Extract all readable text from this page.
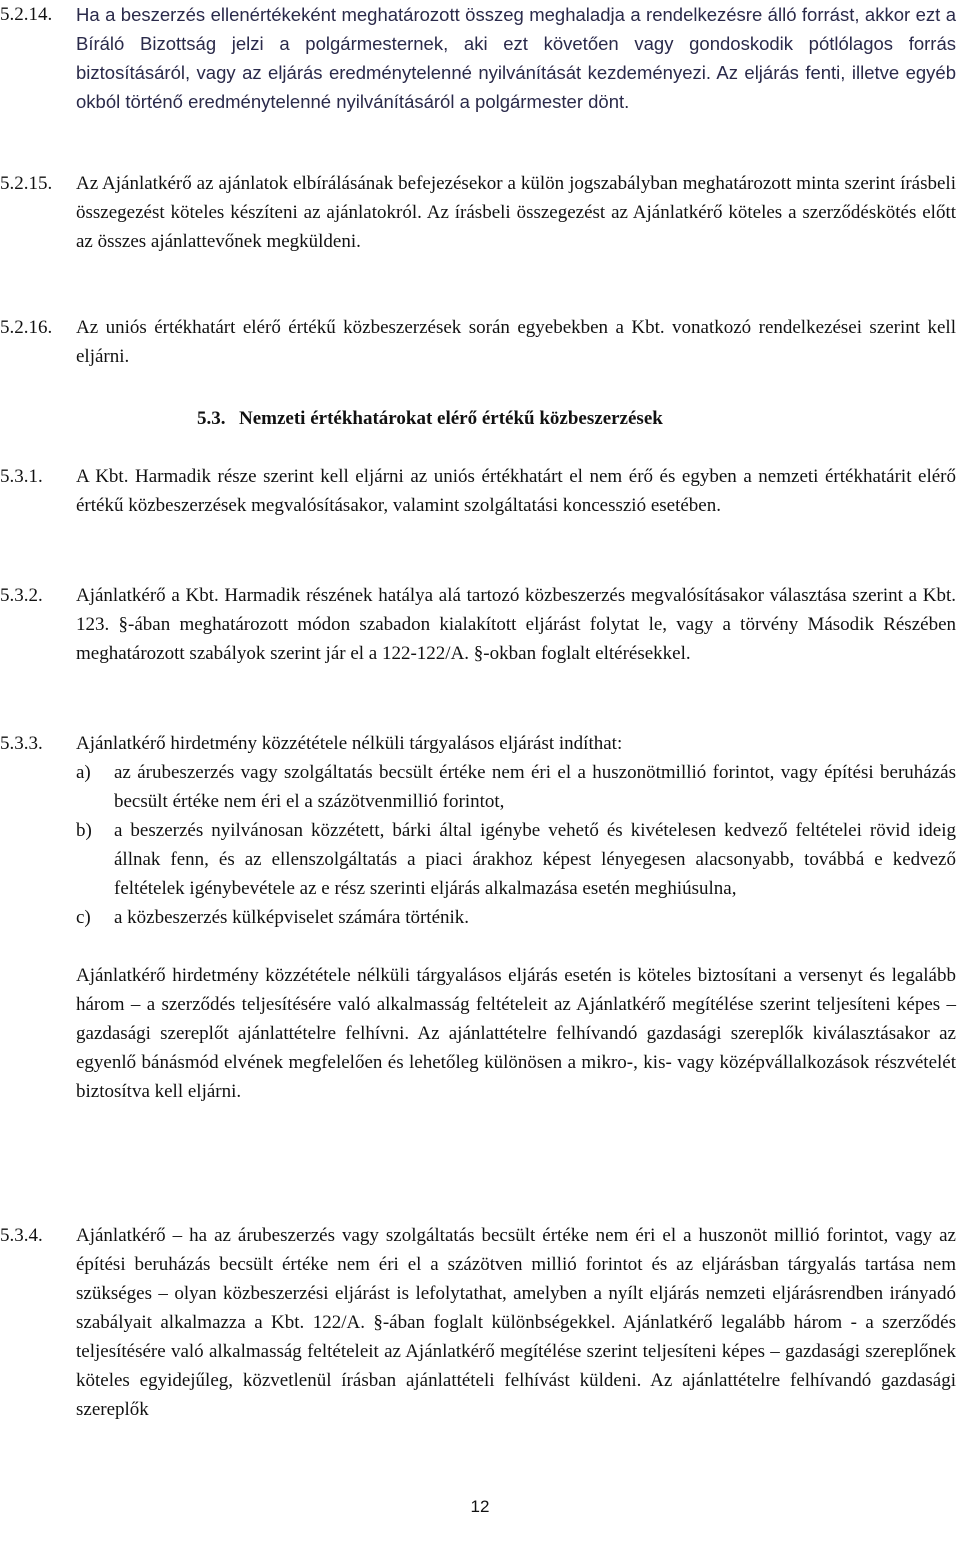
5.2.14.	Ha a beszerzés ellenértékeként meghatározott összeg meghaladja a rendelkezésre álló forrást, akkor ezt a Bíráló Bizottság jelzi a polgármesternek, aki ezt követően vagy gondoskodik pótlólagos forrás biztosításáról, vagy az eljárás eredménytelenné nyilvánítását kezdeményezi. Az eljárás fenti, illetve egyéb okból történő eredménytelenné nyilvánításáról a polgármester dönt.
5.2.15.	Az Ajánlatkérő az ajánlatok elbírálásának befejezésekor a külön jogszabályban meghatározott minta szerint írásbeli összegezést köteles készíteni az ajánlatokról. Az írásbeli összegezést az Ajánlatkérő köteles a szerződéskötés előtt az összes ajánlattevőnek megküldeni.
5.2.16.	Az uniós értékhatárt elérő értékű közbeszerzések során egyebekben a Kbt. vonatkozó rendelkezései szerint kell eljárni.
5.3. Nemzeti értékhatárokat elérő értékű közbeszerzések
5.3.1.	A Kbt. Harmadik része szerint kell eljárni az uniós értékhatárt el nem érő és egyben a nemzeti értékhatárit elérő értékű közbeszerzések megvalósításakor, valamint szolgáltatási koncesszió esetében.
5.3.2.	Ajánlatkérő a Kbt. Harmadik részének hatálya alá tartozó közbeszerzés megvalósításakor választása szerint a Kbt. 123. §-ában meghatározott módon szabadon kialakított eljárást folytat le, vagy a törvény Második Részében meghatározott szabályok szerint jár el a 122-122/A. §-okban foglalt eltérésekkel.
5.3.3.	Ajánlatkérő hirdetmény közzététele nélküli tárgyalásos eljárást indíthat:
a) az árubeszerzés vagy szolgáltatás becsült értéke nem éri el a huszonötmillió forintot, vagy építési beruházás becsült értéke nem éri el a százötvenmillió forintot,
b) a beszerzés nyilvánosan közzétett, bárki által igénybe vehető és kivételesen kedvező feltételei rövid ideig állnak fenn, és az ellenszolgáltatás a piaci árakhoz képest lényegesen alacsonyabb, továbbá e kedvező feltételek igénybevétele az e rész szerinti eljárás alkalmazása esetén meghiúsulna,
c) a közbeszerzés külképviselet számára történik.
Ajánlatkérő hirdetmény közzététele nélküli tárgyalásos eljárás esetén is köteles biztosítani a versenyt és legalább három – a szerződés teljesítésére való alkalmasság feltételeit az Ajánlatkérő megítélése szerint teljesíteni képes – gazdasági szereplőt ajánlattételre felhívni. Az ajánlattételre felhívandó gazdasági szereplők kiválasztásakor az egyenlő bánásmód elvének megfelelően és lehetőleg különösen a mikro-, kis- vagy középvállalkozások részvételét biztosítva kell eljárni.
5.3.4.	Ajánlatkérő – ha az árubeszerzés vagy szolgáltatás becsült értéke nem éri el a huszonöt millió forintot, vagy az építési beruházás becsült értéke nem éri el a százötven millió forintot és az eljárásban tárgyalás tartása nem szükséges – olyan közbeszerzési eljárást is lefolytathat, amelyben a nyílt eljárás nemzeti eljárásrendben irányadó szabályait alkalmazza a Kbt. 122/A. §-ában foglalt különbségekkel. Ajánlatkérő legalább három - a szerződés teljesítésére való alkalmasság feltételeit az Ajánlatkérő megítélése szerint teljesíteni képes – gazdasági szereplőnek köteles egyidejűleg, közvetlenül írásban ajánlattételi felhívást küldeni. Az ajánlattételre felhívandó gazdasági szereplők
12
